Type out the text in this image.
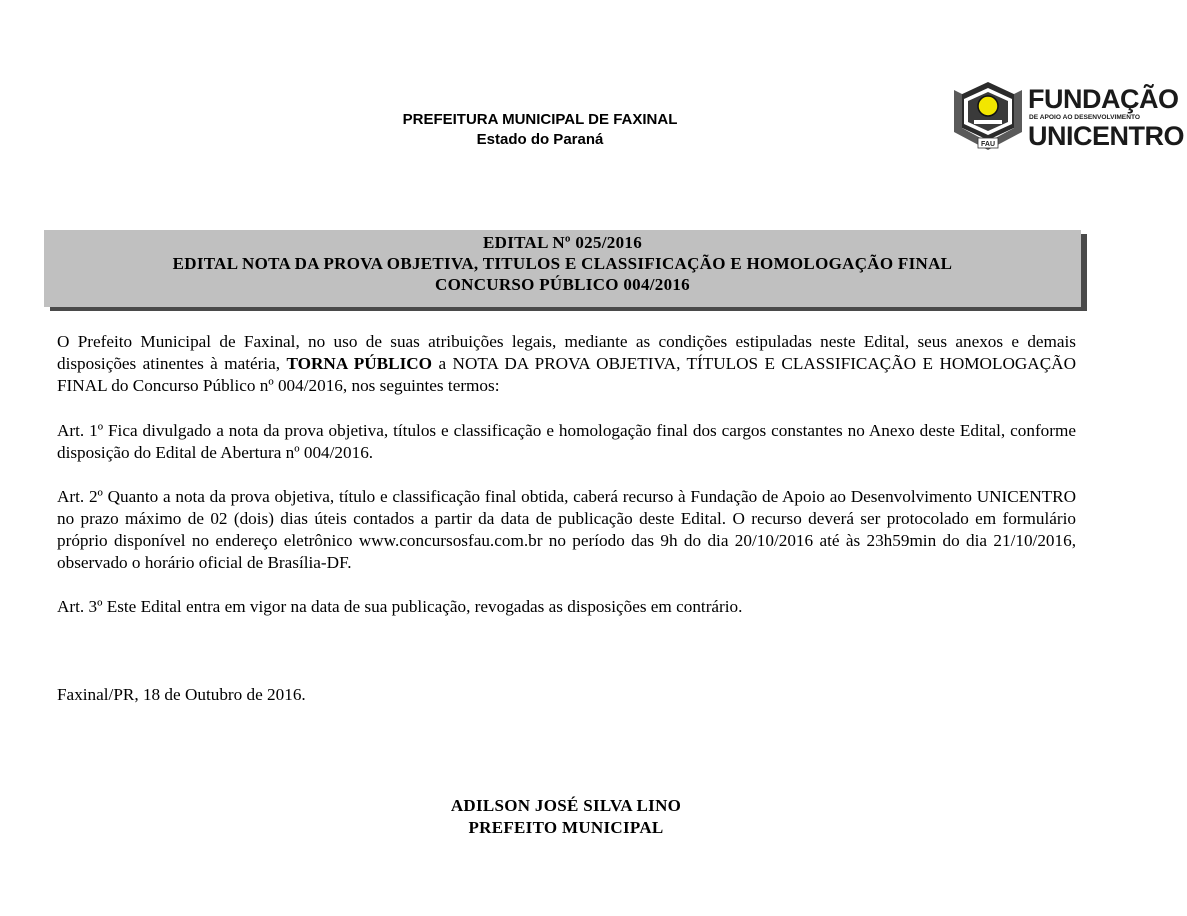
PREFEITURA MUNICIPAL DE FAXINAL
Estado do Paraná	FAU
FUNDAÇÃO
DE APOIO AO DESENVOLVIMENTO
UNICENTRO
EDITAL Nº 025/2016
EDITAL NOTA DA PROVA OBJETIVA, TITULOS E CLASSIFICAÇÃO E HOMOLOGAÇÃO FINAL
CONCURSO PÚBLICO 004/2016
O Prefeito Municipal de Faxinal, no uso de suas atribuições legais, mediante as condições estipuladas neste Edital, seus anexos e demais disposições atinentes à matéria, TORNA PÚBLICO a NOTA DA PROVA OBJETIVA, TÍTULOS E CLASSIFICAÇÃO E HOMOLOGAÇÃO FINAL do Concurso Público nº 004/2016, nos seguintes termos:
Art. 1º Fica divulgado a nota da prova objetiva, títulos e classificação e homologação final dos cargos constantes no Anexo deste Edital, conforme disposição do Edital de Abertura nº 004/2016.
Art. 2º Quanto a nota da prova objetiva, título e classificação final obtida, caberá recurso à Fundação de Apoio ao Desenvolvimento UNICENTRO no prazo máximo de 02 (dois) dias úteis contados a partir da data de publicação deste Edital. O recurso deverá ser protocolado em formulário próprio disponível no endereço eletrônico www.concursosfau.com.br no período das 9h do dia 20/10/2016 até às 23h59min do dia 21/10/2016, observado o horário oficial de Brasília-DF.
Art. 3º Este Edital entra em vigor na data de sua publicação, revogadas as disposições em contrário.
Faxinal/PR, 18 de Outubro de 2016.
ADILSON JOSÉ SILVA LINO
PREFEITO MUNICIPAL
